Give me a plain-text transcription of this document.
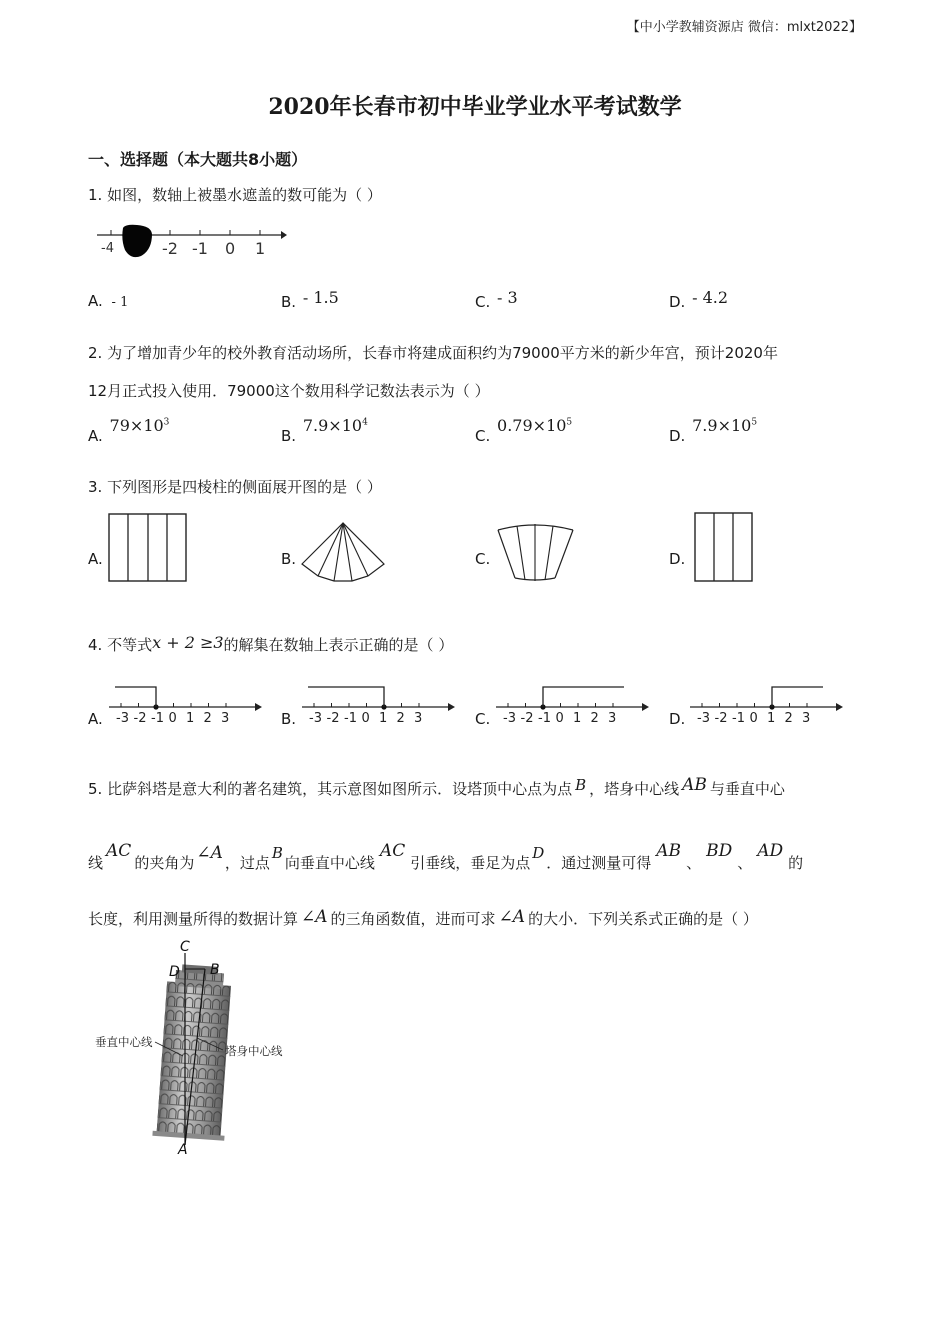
【中小学教辅资源店 微信：mlxt2022】
2020年长春市初中毕业学业水平考试数学
一、选择题（本大题共8小题）
1. 如图，数轴上被墨水遮盖的数可能为（ ）
-4	-2 -1 0 1
A. - 1	B. - 1.5	C. - 3	D. - 4.2
2. 为了增加青少年的校外教育活动场所，长春市将建成面积约为79000平方米的新少年宫，预计2020年
12月正式投入使用．79000这个数用科学记数法表示为（ ）
A. $79\times 10^3$
B. $7.9\times 10^4$
C. $0.79\times 10^5$
D. $7.9\times 10^5$
3. 下列图形是四棱柱的侧面展开图的是（ ）
A.	B.	C.	D.
4. 不等式x + 2 ≥3的解集在数轴上表示正确的是（ ）
A.	B.	C.	D.
-3 -2 -1 0 1 2 3	-3 -2 -1 0 1 2 3	-3 -2 -1 0 1 2 3	-3 -2 -1 0 1 2 3
5. 比萨斜塔是意大利的著名建筑，其示意图如图所示．设塔顶中心点为点 B ，塔身中心线 AB 与垂直中心
线AC的夹角为 ∠A ，过点B向垂直中心线AC引垂线，垂足为点D．通过测量可得AB、BD、AD的
长度，利用测量所得的数据计算 ∠A 的三角函数值，进而可求 ∠A 的大小．下列关系式正确的是（ ）
C
D B
A
垂直中心线
塔身中心线
